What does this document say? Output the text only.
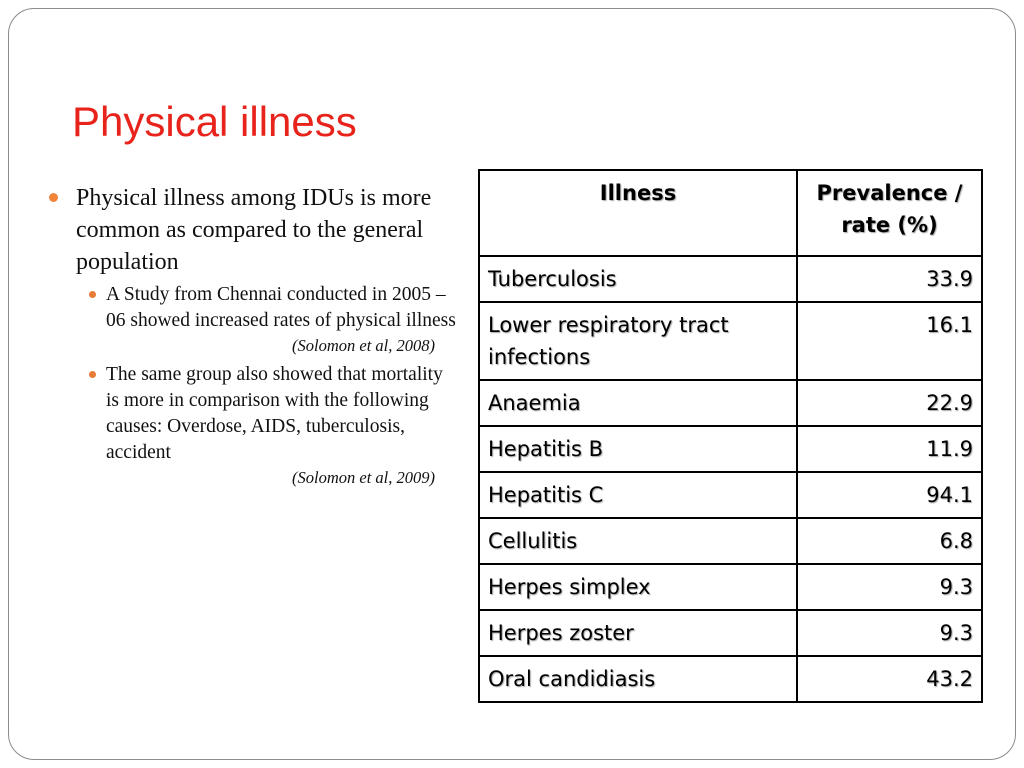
Physical illness
Physical illness among IDUs is more common as compared to the general population
A Study from Chennai conducted in 2005 – 06 showed increased rates of physical illness
(Solomon et al, 2008)
The same group also showed that mortality is more in comparison with the following causes: Overdose, AIDS, tuberculosis, accident
(Solomon et al, 2009)
Illness	Prevalence / rate (%)
Tuberculosis	33.9
Lower respiratory tract infections	16.1
Anaemia	22.9
Hepatitis B	11.9
Hepatitis C	94.1
Cellulitis	6.8
Herpes simplex	9.3
Herpes zoster	9.3
Oral candidiasis	43.2
